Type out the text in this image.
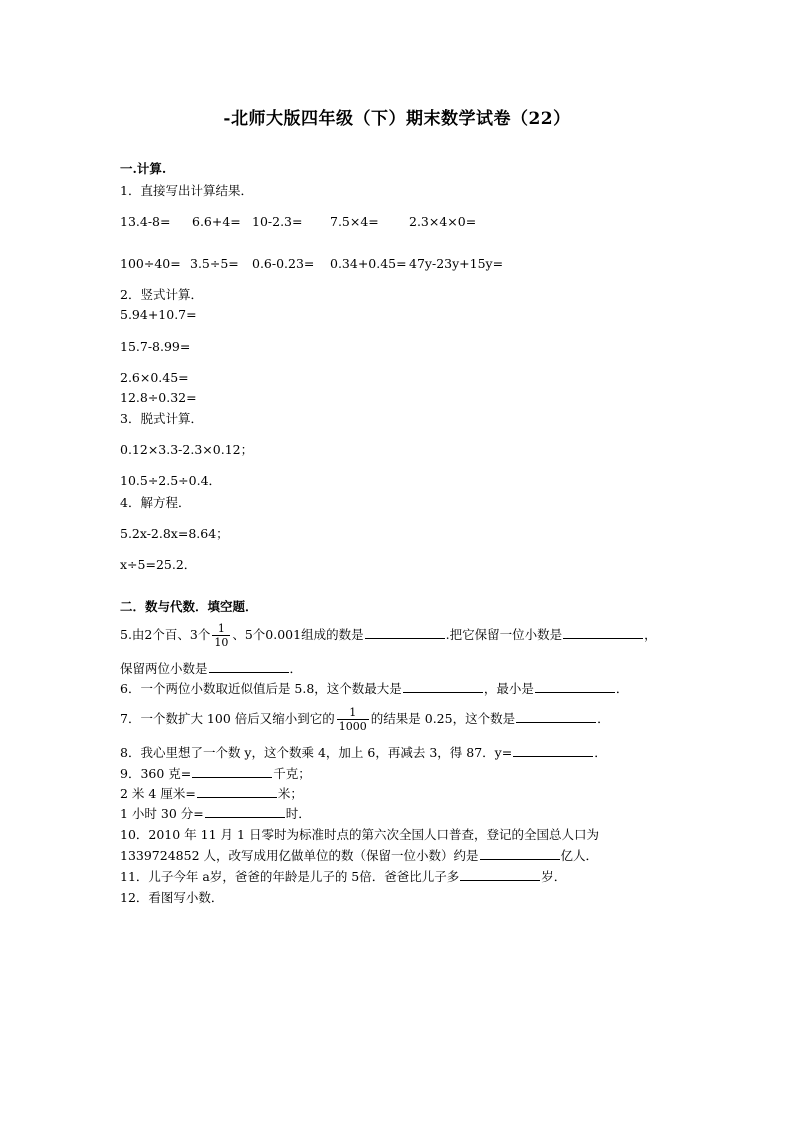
-北师大版四年级（下）期末数学试卷（22）
一.计算.
1．直接写出计算结果．
13.4-8= 6.6+4= 10-2.3= 7.5×4= 2.3×4×0=
100÷40= 3.5÷5= 0.6-0.23= 0.34+0.45= 47y-23y+15y=
2．竖式计算．
5.94+10.7=
15.7-8.99=
2.6×0.45=
12.8÷0.32=
3．脱式计算．
0.12×3.3-2.3×0.12；
10.5÷2.5÷0.4．
4．解方程．
5.2x-2.8x=8.64；
x÷5=25.2．
二．数与代数．填空题．
5.由2个百、3个 $\frac{1}{10}$ 、5个0.001组成的数是	.把它保留一位小数是	，
保留两位小数是	．
6．一个两位小数取近似值后是 5.8，这个数最大是	，最小是	．
7．一个数扩大 100 倍后又缩小到它的 $\frac{1}{1000}$ 的结果是 0.25，这个数是	．
8．我心里想了一个数 y，这个数乘 4，加上 6，再减去 3，得 87．y=	．
9．360 克=	千克；
2 米 4 厘米=	米；
1 小时 30 分=	时．
10．2010 年 11 月 1 日零时为标准时点的第六次全国人口普查，登记的全国总人口为
1339724852 人，改写成用亿做单位的数（保留一位小数）约是	亿人．
11．儿子今年 a岁，爸爸的年龄是儿子的 5倍．爸爸比儿子多	岁．
12．看图写小数．
